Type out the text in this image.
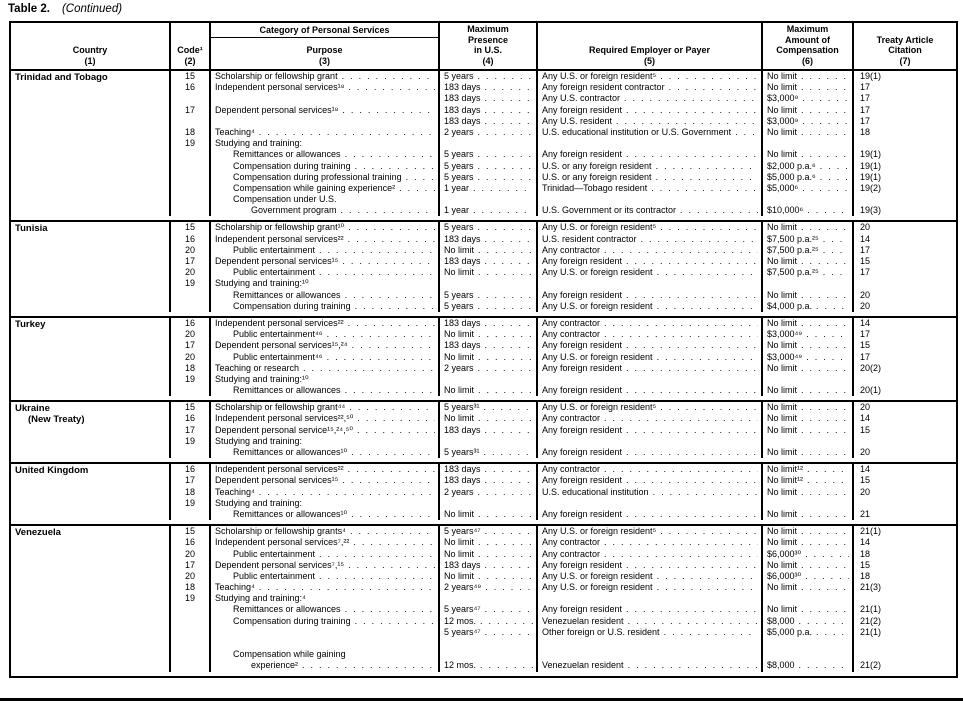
Table 2. (Continued)
Country
(1)
Code¹
(2)
Category of Personal Services
Purpose
(3)
Maximum
Presence
in U.S.
(4)
Required Employer or Payer
(5)
Maximum
Amount of
Compensation
(6)
Treaty Article
Citation
(7)
Trinidad and Tobago	15	Scholarship or fellowship grant . . .	5 years . . .	Any U.S. or foreign resident⁵ . . .	No limit . . .	19(1)
16	Independent personal services¹⁸ . . .	183 days . . .	Any foreign resident contractor . . .	No limit . . .	17
183 days . . .	Any U.S. contractor . . .	$3,000⁹ . . .	17
17	Dependent personal services¹⁸ . . .	183 days . . .	Any foreign resident . . .	No limit . . .	17
183 days . . .	Any U.S. resident . . .	$3,000⁹ . . .	17
18	Teaching⁴ . . .	2 years . . .	U.S. educational institution or U.S. Government . . .	No limit . . .	18
19	Studying and training:
Remittances or allowances . . .	5 years . . .	Any foreign resident . . .	No limit . . .	19(1)
Compensation during training . . .	5 years . . .	U.S. or any foreign resident . . .	$2,000 p.a.⁶ . . .	19(1)
Compensation during professional training . . .	5 years . . .	U.S. or any foreign resident . . .	$5,000 p.a.⁶ . . .	19(1)
Compensation while gaining experience² . . .	1 year . . .	Trinidad—Tobago resident . . .	$5,000⁶ . . .	19(2)
Compensation under U.S.
Government program . . .	1 year . . .	U.S. Government or its contractor . . .	$10,000⁶ . . .	19(3)
Tunisia	15	Scholarship or fellowship grant¹⁰ . . .	5 years . . .	Any U.S. or foreign resident⁵ . . .	No limit . . .	20
16	Independent personal services²² . . .	183 days . . .	U.S. resident contractor . . .	$7,500 p.a.²⁵ . . .	14
20	Public entertainment . . .	No limit . . .	Any contractor . . .	$7,500 p.a.²⁵ . . .	17
17	Dependent personal services¹⁵ . . .	183 days . . .	Any foreign resident . . .	No limit . . .	15
20	Public entertainment . . .	No limit . . .	Any U.S. or foreign resident . . .	$7,500 p.a.²⁵ . . .	17
19	Studying and training:¹⁰
Remittances or allowances . . .	5 years . . .	Any foreign resident . . .	No limit . . .	20
Compensation during training . . .	5 years . . .	Any U.S. or foreign resident . . .	$4,000 p.a. . . .	20
Turkey	16	Independent personal services²² . . .	183 days . . .	Any contractor . . .	No limit . . .	14
20	Public entertainment⁴⁶ . . .	No limit . . .	Any contractor . . .	$3,000⁴⁹ . . .	17
17	Dependent personal services¹⁵,²⁴ . . .	183 days . . .	Any foreign resident . . .	No limit . . .	15
20	Public entertainment⁴⁶ . . .	No limit . . .	Any U.S. or foreign resident . . .	$3,000⁴⁹ . . .	17
18	Teaching or research . . .	2 years . . .	Any foreign resident . . .	No limit . . .	20(2)
19	Studying and training:¹⁰
Remittances or allowances . . .	No limit . . .	Any foreign resident . . .	No limit . . .	20(1)
Ukraine
(New Treaty)
15	Scholarship or fellowship grant⁴⁴ . . .	5 years³¹ . . .	Any U.S. or foreign resident⁵ . . .	No limit . . .	20
16	Independent personal services²²,⁵⁰ . . .	No limit . . .	Any contractor . . .	No limit . . .	14
17	Dependent personal service¹⁵,²⁴,⁵⁰ . . .	183 days . . .	Any foreign resident . . .	No limit . . .	15
19	Studying and training:
Remittances or allowances¹⁰ . . .	5 years³¹ . . .	Any foreign resident . . .	No limit . . .	20
United Kingdom	16	Independent personal services²² . . .	183 days . . .	Any contractor . . .	No limit¹² . . .	14
17	Dependent personal services¹⁵ . . .	183 days . . .	Any foreign resident . . .	No limit¹² . . .	15
18	Teaching⁴ . . .	2 years . . .	U.S. educational institution . . .	No limit . . .	20
19	Studying and training:
Remittances or allowances¹⁰ . . .	No limit . . .	Any foreign resident . . .	No limit . . .	21
Venezuela	15	Scholarship or fellowship grants⁴ . . .	5 years⁴⁷ . . .	Any U.S. or foreign resident⁵ . . .	No limit . . .	21(1)
16	Independent personal services⁷,²² . . .	No limit . . .	Any contractor . . .	No limit . . .	14
20	Public entertainment . . .	No limit . . .	Any contractor . . .	$6,000³⁰ . . .	18
17	Dependent personal services⁷,¹⁵ . . .	183 days . . .	Any foreign resident . . .	No limit . . .	15
20	Public entertainment . . .	No limit . . .	Any U.S. or foreign resident . . .	$6,000³⁰ . . .	18
18	Teaching⁴ . . .	2 years⁴⁹ . . .	Any U.S. or foreign resident . . .	No limit . . .	21(3)
19	Studying and training:⁴
Remittances or allowances . . .	5 years⁴⁷ . . .	Any foreign resident . . .	No limit . . .	21(1)
Compensation during training . . .	12 mos. . . .	Venezuelan resident . . .	$8,000 . . .	21(2)
5 years⁴⁷ . . .	Other foreign or U.S. resident . . .	$5,000 p.a. . . .	21(1)
Compensation while gaining
experience² . . .	12 mos. . . .	Venezuelan resident . . .	$8,000 . . .	21(2)
